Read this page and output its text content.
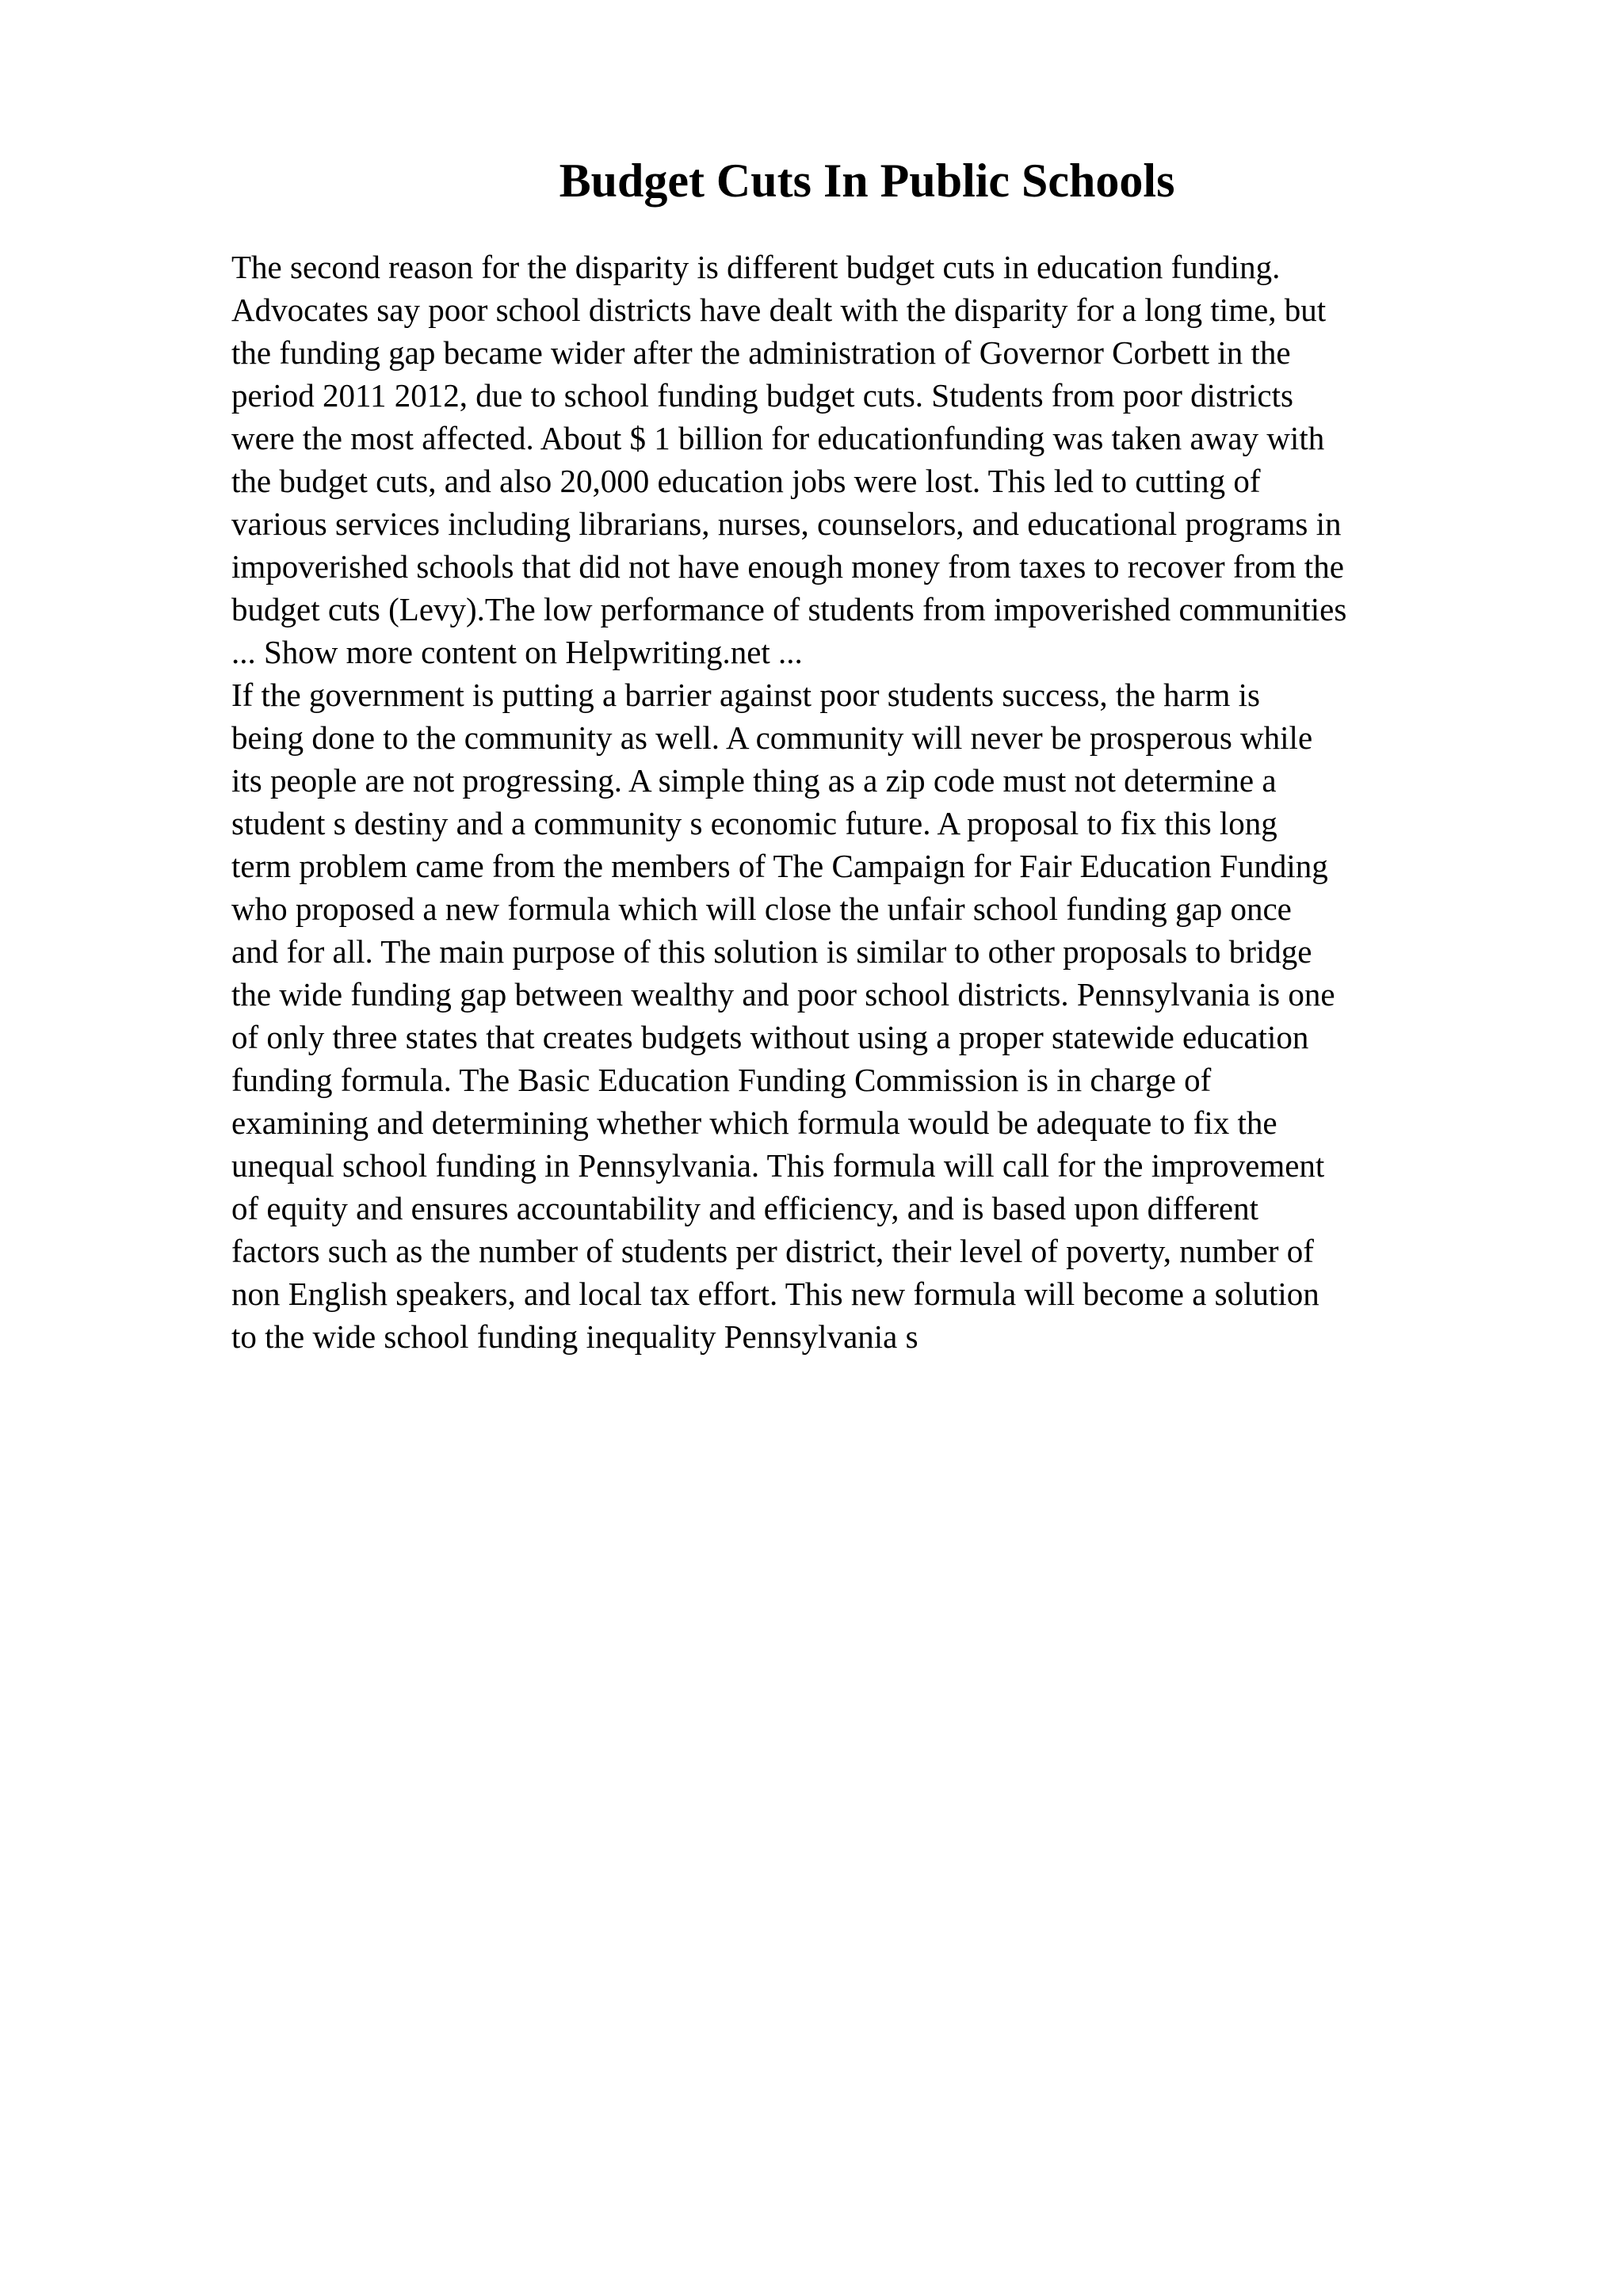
Budget Cuts In Public Schools

The second reason for the disparity is different budget cuts in education funding.
Advocates say poor school districts have dealt with the disparity for a long time, but
the funding gap became wider after the administration of Governor Corbett in the
period 2011 2012, due to school funding budget cuts. Students from poor districts
were the most affected. About $ 1 billion for educationfunding was taken away with
the budget cuts, and also 20,000 education jobs were lost. This led to cutting of
various services including librarians, nurses, counselors, and educational programs in
impoverished schools that did not have enough money from taxes to recover from the
budget cuts (Levy).The low performance of students from impoverished communities
... Show more content on Helpwriting.net ...

If the government is putting a barrier against poor students success, the harm is
being done to the community as well. A community will never be prosperous while
its people are not progressing. A simple thing as a zip code must not determine a
student s destiny and a community s economic future. A proposal to fix this long
term problem came from the members of The Campaign for Fair Education Funding
who proposed a new formula which will close the unfair school funding gap once
and for all. The main purpose of this solution is similar to other proposals to bridge
the wide funding gap between wealthy and poor school districts. Pennsylvania is one
of only three states that creates budgets without using a proper statewide education
funding formula. The Basic Education Funding Commission is in charge of
examining and determining whether which formula would be adequate to fix the
unequal school funding in Pennsylvania. This formula will call for the improvement
of equity and ensures accountability and efficiency, and is based upon different
factors such as the number of students per district, their level of poverty, number of
non English speakers, and local tax effort. This new formula will become a solution
to the wide school funding inequality Pennsylvania s
